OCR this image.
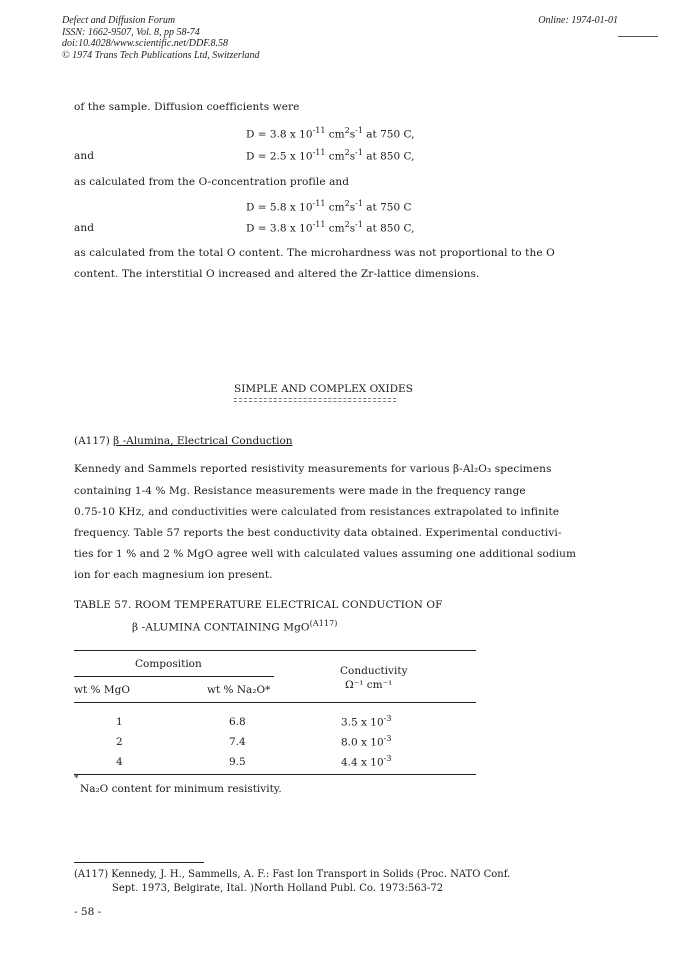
Defect and Diffusion Forum
ISSN: 1662-9507, Vol. 8, pp 58-74
doi:10.4028/www.scientific.net/DDF.8.58
© 1974 Trans Tech Publications Ltd, Switzerland
Online: 1974-01-01
of the sample. Diffusion coefficients were
D = 3.8 x $10^{-11}$ $cm^2s^{-1}$ at 750 C,
and	D = 2.5 x $10^{-11}$ $cm^2s^{-1}$ at 850 C,
as calculated from the O-concentration profile and
D = 5.8 x $10^{-11}$ $cm^2s^{-1}$ at 750 C
and	D = 3.8 x $10^{-11}$ $cm^2s^{-1}$ at 850 C,
as calculated from the total O content. The microhardness was not proportional to the O
content. The interstitial O increased and altered the Zr-lattice dimensions.
SIMPLE AND COMPLEX OXIDES
(A117) β -Alumina, Electrical Conduction
Kennedy and Sammels reported resistivity measurements for various β-Al₂O₃ specimens
containing 1-4 % Mg. Resistance measurements were made in the frequency range
0.75-10 KHz, and conductivities were calculated from resistances extrapolated to infinite
frequency. Table 57 reports the best conductivity data obtained. Experimental conductivi-
ties for 1 % and 2 % MgO agree well with calculated values assuming one additional sodium
ion for each magnesium ion present.
TABLE 57. ROOM TEMPERATURE ELECTRICAL CONDUCTION OF
β -ALUMINA CONTAINING MgO$^{(A117)}$
Composition
Conductivity
Ω⁻¹ cm⁻¹
wt % MgO	wt % Na₂O*
1	6.8	3.5 x $10^{-3}$
2	7.4	8.0 x $10^{-3}$
4	9.5	4.4 x $10^{-3}$
*
Na₂O content for minimum resistivity.
(A117) Kennedy, J. H., Sammells, A. F.: Fast Ion Transport in Solids (Proc. NATO Conf.
Sept. 1973, Belgirate, Ital. )North Holland Publ. Co. 1973:563-72
- 58 -
